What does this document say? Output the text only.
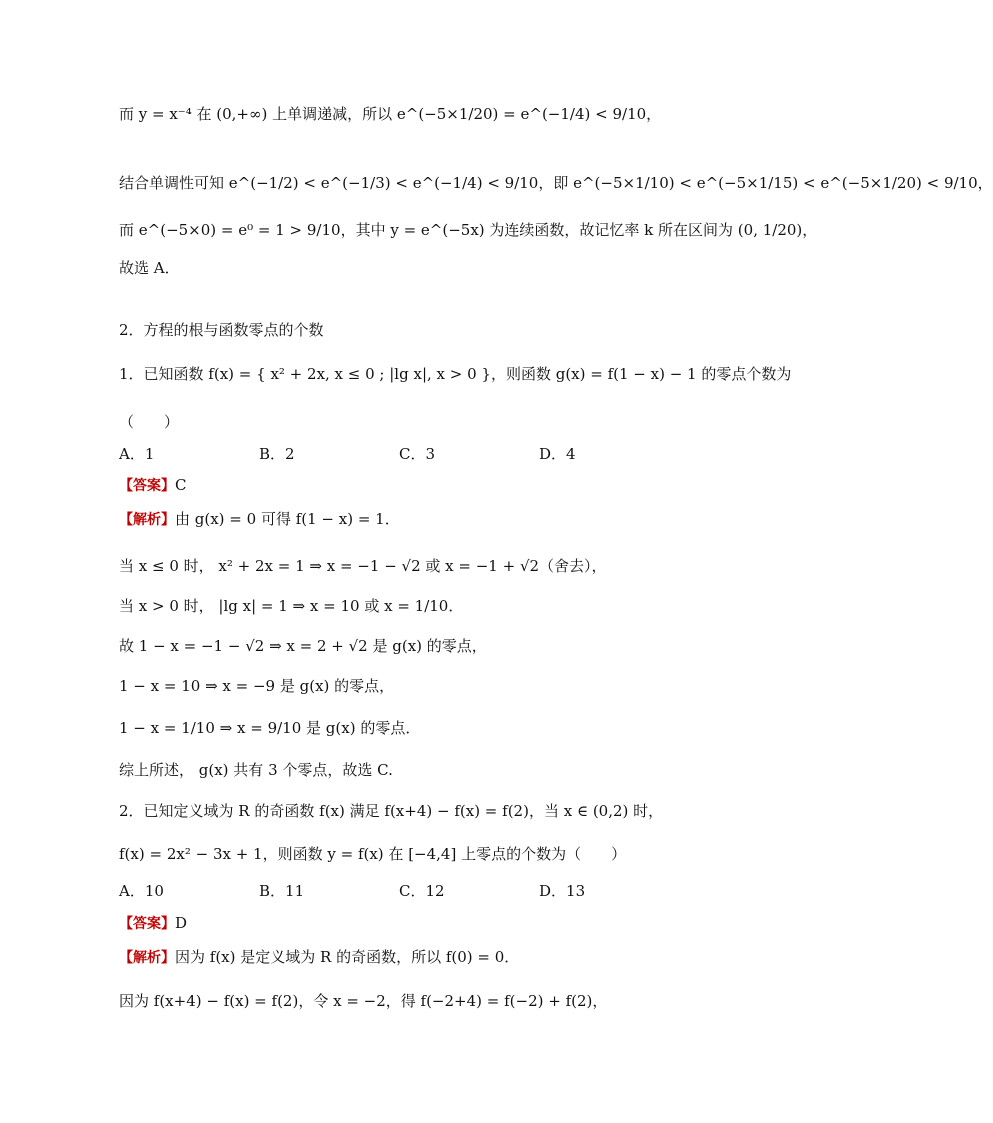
而 y = x⁻⁴ 在 (0,+∞) 上单调递减，所以 e^(−5×1/20) = e^(−1/4) < 9/10，
结合单调性可知 e^(−1/2) < e^(−1/3) < e^(−1/4) < 9/10，即 e^(−5×1/10) < e^(−5×1/15) < e^(−5×1/20) < 9/10，
而 e^(−5×0) = e⁰ = 1 > 9/10，其中 y = e^(−5x) 为连续函数，故记忆率 k 所在区间为 (0, 1/20)，
故选 A．
2．方程的根与函数零点的个数
1．已知函数 f(x) = { x² + 2x, x ≤ 0 ; |lg x|, x > 0 }，则函数 g(x) = f(1 − x) − 1 的零点个数为
（　　）
A．1	B．2	C．3	D．4
【答案】C
【解析】由 g(x) = 0 可得 f(1 − x) = 1．
当 x ≤ 0 时， x² + 2x = 1 ⇒ x = −1 − √2 或 x = −1 + √2（舍去），
当 x > 0 时， |lg x| = 1 ⇒ x = 10 或 x = 1/10．
故 1 − x = −1 − √2 ⇒ x = 2 + √2 是 g(x) 的零点，
1 − x = 10 ⇒ x = −9 是 g(x) 的零点，
1 − x = 1/10 ⇒ x = 9/10 是 g(x) 的零点．
综上所述， g(x) 共有 3 个零点，故选 C.
2．已知定义域为 R 的奇函数 f(x) 满足 f(x+4) − f(x) = f(2)，当 x ∈ (0,2) 时，
f(x) = 2x² − 3x + 1，则函数 y = f(x) 在 [−4,4] 上零点的个数为（　　）
A．10	B．11	C．12	D．13
【答案】D
【解析】因为 f(x) 是定义域为 R 的奇函数，所以 f(0) = 0．
因为 f(x+4) − f(x) = f(2)，令 x = −2，得 f(−2+4) = f(−2) + f(2)，
